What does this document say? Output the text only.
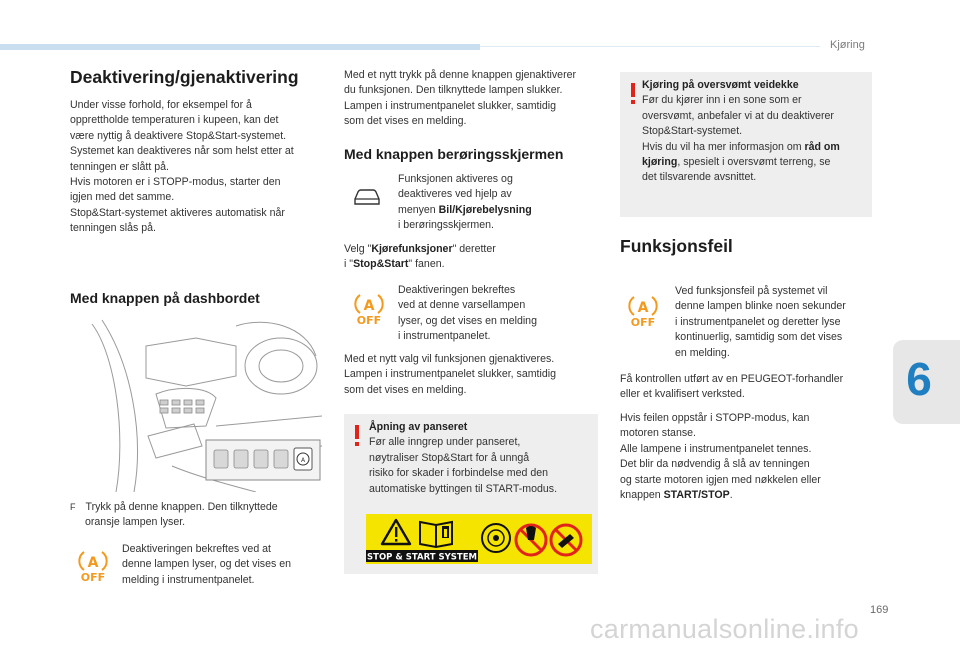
Kjøring
6
Deaktivering/gjenaktivering
Under visse forhold, for eksempel for å
opprettholde temperaturen i kupeen, kan det
være nyttig å deaktivere Stop&Start-systemet.
Systemet kan deaktiveres når som helst etter at
tenningen er slått på.
Hvis motoren er i STOPP-modus, starter den
igjen med det samme.
Stop&Start-systemet aktiveres automatisk når
tenningen slås på.
Med knappen på dashbordet
A
F Trykk på denne knappen. Den tilknyttede
oransje lampen lyser.
A
OFF
Deaktiveringen bekreftes ved at
denne lampen lyser, og det vises en
melding i instrumentpanelet.
Med et nytt trykk på denne knappen gjenaktiverer
du funksjonen. Den tilknyttede lampen slukker.
Lampen i instrumentpanelet slukker, samtidig
som det vises en melding.
Med knappen berøringsskjermen
Funksjonen aktiveres og
deaktiveres ved hjelp av
menyen Bil/Kjørebelysning
i berøringsskjermen.
Velg "Kjørefunksjoner" deretter
i "Stop&Start" fanen.
A
OFF
Deaktiveringen bekreftes
ved at denne varsellampen
lyser, og det vises en melding
i instrumentpanelet.
Med et nytt valg vil funksjonen gjenaktiveres.
Lampen i instrumentpanelet slukker, samtidig
som det vises en melding.
Åpning av panseret
Før alle inngrep under panseret,
nøytraliser Stop&Start for å unngå
risiko for skader i forbindelse med den
automatiske byttingen til START-modus.
STOP & START SYSTEM
Kjøring på oversvømt veidekke
Før du kjører inn i en sone som er
oversvømt, anbefaler vi at du deaktiverer
Stop&Start-systemet.
Hvis du vil ha mer informasjon om råd om
kjøring, spesielt i oversvømt terreng, se
det tilsvarende avsnittet.
Funksjonsfeil
A
OFF
Ved funksjonsfeil på systemet vil
denne lampen blinke noen sekunder
i instrumentpanelet og deretter lyse
kontinuerlig, samtidig som det vises
en melding.
Få kontrollen utført av en PEUGEOT-forhandler
eller et kvalifisert verksted.
Hvis feilen oppstår i STOPP-modus, kan
motoren stanse.
Alle lampene i instrumentpanelet tennes.
Det blir da nødvendig å slå av tenningen
og starte motoren igjen med nøkkelen eller
knappen START/STOP.
169
carmanualsonline.info
